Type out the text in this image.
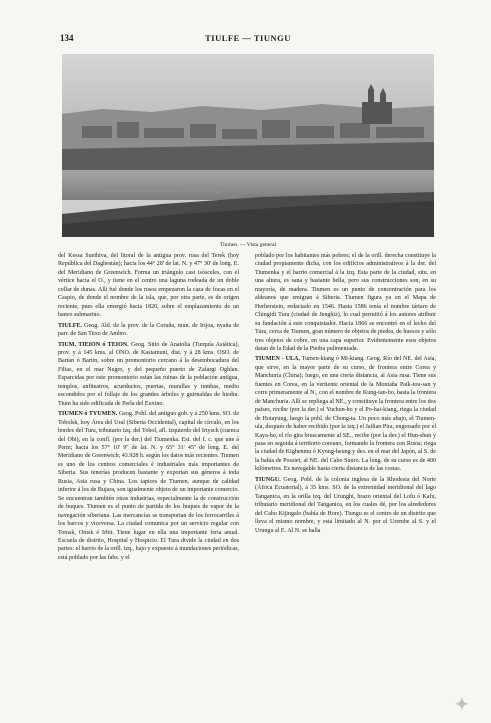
134	TIULFE — TIUNGU
Tiumen. — Vista general

del Kessa Suethiva, del litoral de la antigua prov. rusa del Terek (hoy República del Daghestán); hacia los 44° 28' de lat. N. y 47° 30' de long. E. del Meridiano de Greenwich. Forma un triángulo casi isósceles, con el vértice hacia el O., y tiene en el centro una laguna rodeada de un doble collar de dunas. Allí fué donde los rusos empezaron la caza de focas en el Caspio, de donde el nombre de la isla, que, por otra parte, es de origen reciente, pues ella emergió hacia 1820, sobre el emplazamiento de un banco submarino.

TIULFE. Geog. Ald. de la prov. de la Coruña, mun. de Irijoa, nyaña de parr. de San Tirso de Ambro.

TIUM, TIEION ó TEION. Geog. Sitio de Anatolia (Turquía Asiática), prov. y á 145 kms. al ONO. de Kastamuni, dist. y á 28 kms. OSO. de Bartan ó Bartin, sobre un promontorio cercano á la desembocadura del Filias, en el mar Negro, y del pequeño puerto de Zafargi Oghlan. Esparcidas por este promontorio están las ruinas de la población antigua, templos, anfiteatros, acueductos, puertas, murallas y tumbas, medio escondidos por el follaje de los grandes árboles y guirnaldas de hiedra. Tium ha sido edificada de Perla del Euxino.

TIUMEN ó TYUMEN. Geog. Pobl. del antiguo gob. y á 250 kms. SO. de Tobolsk, hoy Área del Ural (Siberia Occidental), capital de círculo, en los bordes del Tura, tributario izq. del Tobol, afl. izquierdo del Irtysch (cuenca del Obi), en la confl. (por la der.) del Tiumenka. Est. del f. c. que une á Perm; hacia los 57° 10' 9'' de lat. N. y 65° 31' 45'' de long. E. del Meridiano de Greenwich; 43.928 h. según los datos más recientes. Tiumen es uno de los centros comerciales é industriales más importantes de Siberia. Sus tenerías producen bastante y exportan sus géneros á toda Rusia, Asia rusa y China. Los tapices de Tiumen, aunque de calidad inferior á los de Bujara, son igualmente objeto de un importante comercio. Se encuentran también otras industrias, especialmente la de construcción de buques. Tiumen es el punto de partida de los buques de vapor de la navegación siberiana. Las mercancías se transportan de los ferrocarriles á los barcos y viceversa. La ciudad comunica por un servicio regular con Tomsk, Omsk é Irbit. Tiene lugar en ella una importante feria anual. Escuela de distrito, Hospital y Hospicio. El Tura divide la ciudad en dos partes: el barrio de la orill. izq., bajo y expuesto á inundaciones periódicas, está poblado por las fabs. y el

poblado por los habitantes más pobres; el de la orill. derecha constituye la ciudad propiamente dicha, con los edificios administrativos á la der. del Tiumenka y el barrio comercial á la izq. Esta parte de la ciudad, situ. en una altura, es sana y bastante bella, pero sus construcciones son, en su mayoría, de madera. Tiumen es un punto de concentración para los aldeanos que emigran á Siberia. Tiumen figura ya en el Mapa de Herberstein, redactado en 1546. Hasta 1586 tenía el nombre tártaro de Chingidi Tura (ciudad de Jenghiz), lo cual permitió á los autores atribuir su fundación á este conquistador. Hacia 1866 se encontró en el lecho del Tura, cerca de Tiumen, gran número de objetos de piedra, de huesos y sólo tres objetos de cobre, en una capa superior. Evidentemente esos objetos datan de la Edad de la Piedra pulimentada.

TIUMEN - ULA, Tumen-kiang ó Mi-kiang. Geog. Río del NE. del Asia, que sirve, en la mayor parte de su curso, de frontera entre Corea y Manchuria (China); luego, en una cierta distancia, al Asia rusa. Tiene sus fuentes en Corea, en la vertiente oriental de la Montaña Paik-tou-san y corre primeramente al N., con el nombre de Kung-tan-ho, hasta la frontera de Manchuria. Allí se repliega al NE., y constituye la frontera entre los dos países, recibe (por la der.) el Yuchun-ho y el Po-hai-kiang, riega la ciudad de Hoiayung, luego la pobl. de Chong-ta. Un poco más abajo, el Tiumen-ula, después de haber recibido (por la izq.) el Jailian Pira, engrosado por el Kaya-ho, el río gira bruscamente al SE., recibe (por la der.) el Hun-shun y pasa en seguida á territorio coreano, formando la frontera con Rusia; riega la ciudad de Kighenmu ó Kyong-heung y des. en el mar del Japón, al S. de la bahía de Possiet, al NE. del Cabo Suuro. La long. de su curso es de 400 kilómetros. Es navegable hasta cierta distancia de las costas.

TIUNGU. Geog. Pobl. de la colonia inglesa de la Rhodesia del Norte (África Ecuatorial), á 35 kms. SO. de la extremidad meridional del lago Tanganica, en la orilla izq. del Urunghi, brazo oriental del Lofu ó Kafu, tributario meridional del Tanganica, en los cuales dé, por los alrededores del Cabo Kijingalo (bahía de Hore). Tiungu es el centro de un distrito que lleva el mismo nombre, y está limitado al N. por el Urembe al S. y el Urungu al E. Al N. se halla

✦
